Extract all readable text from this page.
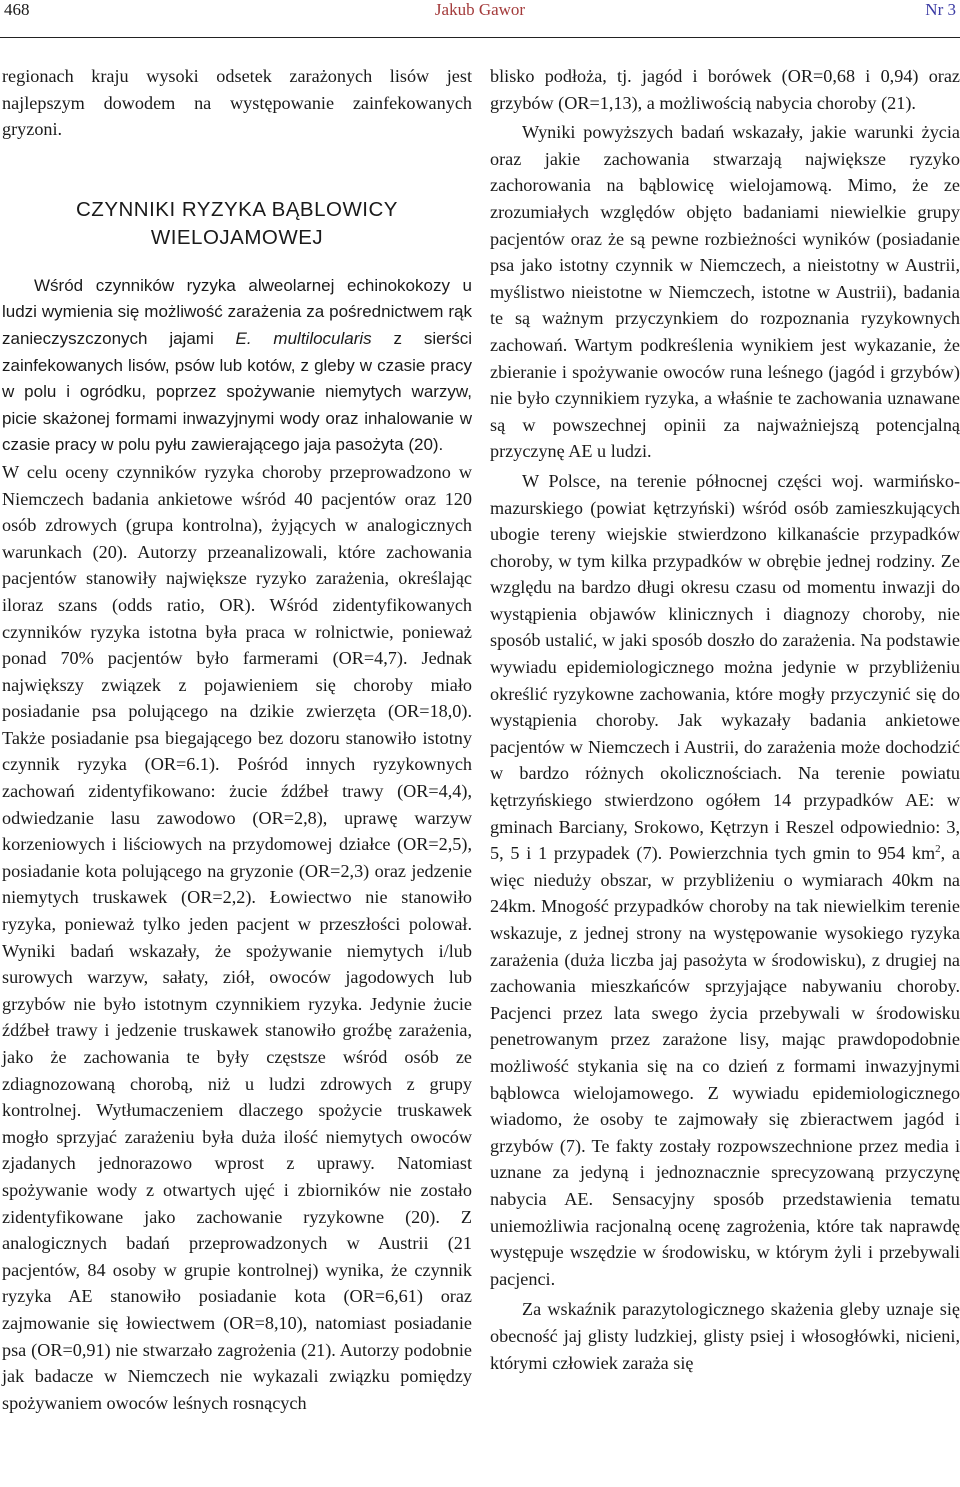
468	Jakub Gawor	Nr 3

regionach kraju wysoki odsetek zarażonych lisów jest najlepszym dowodem na występowanie zainfekowanych gryzoni.

CZYNNIKI RYZYKA BĄBLOWICY
WIELOJAMOWEJ

Wśród czynników ryzyka alweolarnej echinokokozy u ludzi wymienia się możliwość zarażenia za pośrednictwem rąk zanieczyszczonych jajami E. multilocularis z sierści zainfekowanych lisów, psów lub kotów, z gleby w czasie pracy w polu i ogródku, poprzez spożywanie niemytych warzyw, picie skażonej formami inwazyjnymi wody oraz inhalowanie w czasie pracy w polu pyłu zawierającego jaja pasożyta (20).

W celu oceny czynników ryzyka choroby przeprowadzono w Niemczech badania ankietowe wśród 40 pacjentów oraz 120 osób zdrowych (grupa kontrolna), żyjących w analogicznych warunkach (20). Autorzy przeanalizowali, które zachowania pacjentów stanowiły największe ryzyko zarażenia, określając iloraz szans (odds ratio, OR). Wśród zidentyfikowanych czynników ryzyka istotna była praca w rolnictwie, ponieważ ponad 70% pacjentów było farmerami (OR=4,7). Jednak największy związek z pojawieniem się choroby miało posiadanie psa polującego na dzikie zwierzęta (OR=18,0). Także posiadanie psa biegającego bez dozoru stanowiło istotny czynnik ryzyka (OR=6.1). Pośród innych ryzykownych zachowań zidentyfikowano: żucie źdźbeł trawy (OR=4,4), odwiedzanie lasu zawodowo (OR=2,8), uprawę warzyw korzeniowych i liściowych na przydomowej działce (OR=2,5), posiadanie kota polującego na gryzonie (OR=2,3) oraz jedzenie niemytych truskawek (OR=2,2). Łowiectwo nie stanowiło ryzyka, ponieważ tylko jeden pacjent w przeszłości polował. Wyniki badań wskazały, że spożywanie niemytych i/lub surowych warzyw, sałaty, ziół, owoców jagodowych lub grzybów nie było istotnym czynnikiem ryzyka. Jedynie żucie źdźbeł trawy i jedzenie truskawek stanowiło groźbę zarażenia, jako że zachowania te były częstsze wśród osób ze zdiagnozowaną chorobą, niż u ludzi zdrowych z grupy kontrolnej. Wytłumaczeniem dlaczego spożycie truskawek mogło sprzyjać zarażeniu była duża ilość niemytych owoców zjadanych jednorazowo wprost z uprawy. Natomiast spożywanie wody z otwartych ujęć i zbiorników nie zostało zidentyfikowane jako zachowanie ryzykowne (20). Z analogicznych badań przeprowadzonych w Austrii (21 pacjentów, 84 osoby w grupie kontrolnej) wynika, że czynnik ryzyka AE stanowiło posiadanie kota (OR=6,61) oraz zajmowanie się łowiectwem (OR=8,10), natomiast posiadanie psa (OR=0,91) nie stwarzało zagrożenia (21). Autorzy podobnie jak badacze w Niemczech nie wykazali związku pomiędzy spożywaniem owoców leśnych rosnących

blisko podłoża, tj. jagód i borówek (OR=0,68 i 0,94) oraz grzybów (OR=1,13), a możliwością nabycia choroby (21).

Wyniki powyższych badań wskazały, jakie warunki życia oraz jakie zachowania stwarzają największe ryzyko zachorowania na bąblowicę wielojamową. Mimo, że ze zrozumiałych względów objęto badaniami niewielkie grupy pacjentów oraz że są pewne rozbieżności wyników (posiadanie psa jako istotny czynnik w Niemczech, a nieistotny w Austrii, myślistwo nieistotne w Niemczech, istotne w Austrii), badania te są ważnym przyczynkiem do rozpoznania ryzykownych zachowań. Wartym podkreślenia wynikiem jest wykazanie, że zbieranie i spożywanie owoców runa leśnego (jagód i grzybów) nie było czynnikiem ryzyka, a właśnie te zachowania uznawane są w powszechnej opinii za najważniejszą potencjalną przyczynę AE u ludzi.

W Polsce, na terenie północnej części woj. warmińsko-mazurskiego (powiat kętrzyński) wśród osób zamieszkujących ubogie tereny wiejskie stwierdzono kilkanaście przypadków choroby, w tym kilka przypadków w obrębie jednej rodziny. Ze względu na bardzo długi okresu czasu od momentu inwazji do wystąpienia objawów klinicznych i diagnozy choroby, nie sposób ustalić, w jaki sposób doszło do zarażenia. Na podstawie wywiadu epidemiologicznego można jedynie w przybliżeniu określić ryzykowne zachowania, które mogły przyczynić się do wystąpienia choroby. Jak wykazały badania ankietowe pacjentów w Niemczech i Austrii, do zarażenia może dochodzić w bardzo różnych okolicznościach. Na terenie powiatu kętrzyńskiego stwierdzono ogółem 14 przypadków AE: w gminach Barciany, Srokowo, Kętrzyn i Reszel odpowiednio: 3, 5, 5 i 1 przypadek (7). Powierzchnia tych gmin to 954 $km^2$, a więc nieduży obszar, w przybliżeniu o wymiarach 40km na 24km. Mnogość przypadków choroby na tak niewielkim terenie wskazuje, z jednej strony na występowanie wysokiego ryzyka zarażenia (duża liczba jaj pasożyta w środowisku), z drugiej na zachowania mieszkańców sprzyjające nabywaniu choroby. Pacjenci przez lata swego życia przebywali w środowisku penetrowanym przez zarażone lisy, mając prawdopodobnie możliwość stykania się na co dzień z formami inwazyjnymi bąblowca wielojamowego. Z wywiadu epidemiologicznego wiadomo, że osoby te zajmowały się zbieractwem jagód i grzybów (7). Te fakty zostały rozpowszechnione przez media i uznane za jedyną i jednoznacznie sprecyzowaną przyczynę nabycia AE. Sensacyjny sposób przedstawienia tematu uniemożliwia racjonalną ocenę zagrożenia, które tak naprawdę występuje wszędzie w środowisku, w którym żyli i przebywali pacjenci.

Za wskaźnik parazytologicznego skażenia gleby uznaje się obecność jaj glisty ludzkiej, glisty psiej i włosogłówki, nicieni, którymi człowiek zaraża się
